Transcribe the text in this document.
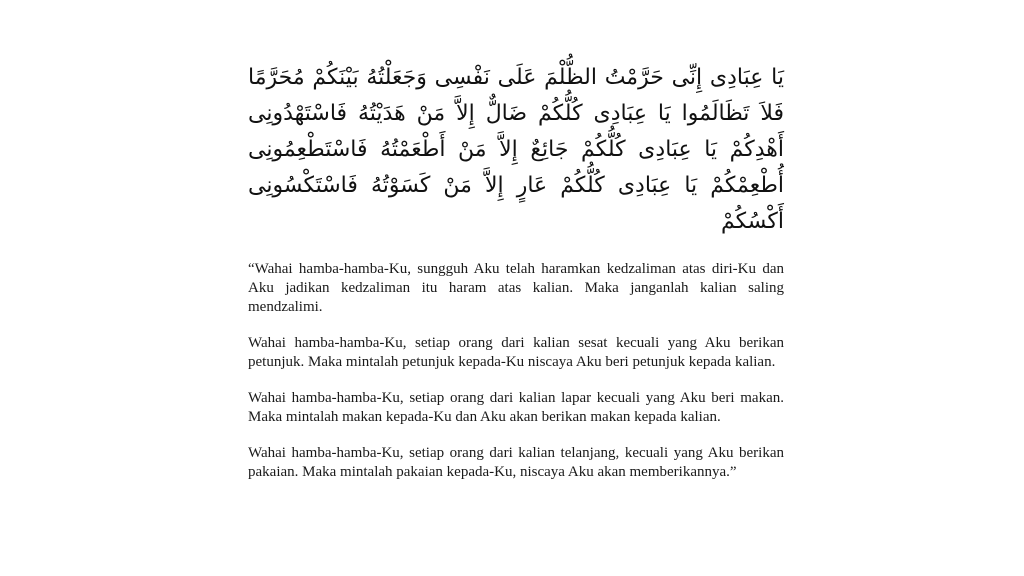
يَا عِبَادِى إِنِّى حَرَّمْتُ الظُّلْمَ عَلَى نَفْسِى وَجَعَلْتُهُ بَيْنَكُمْ مُحَرَّمًا فَلاَ تَظَالَمُوا يَا عِبَادِى كُلُّكُمْ ضَالٌّ إِلاَّ مَنْ هَدَيْتُهُ فَاسْتَهْدُونِى أَهْدِكُمْ يَا عِبَادِى كُلُّكُمْ جَائِعٌ إِلاَّ مَنْ أَطْعَمْتُهُ فَاسْتَطْعِمُونِى أُطْعِمْكُمْ يَا عِبَادِى كُلُّكُمْ عَارٍ إِلاَّ مَنْ كَسَوْتُهُ فَاسْتَكْسُونِى أَكْسُكُمْ

“Wahai hamba-hamba-Ku, sungguh Aku telah haramkan kedzaliman atas diri-Ku dan Aku jadikan kedzaliman itu haram atas kalian. Maka janganlah kalian saling mendzalimi.

Wahai hamba-hamba-Ku, setiap orang dari kalian sesat kecuali yang Aku berikan petunjuk. Maka mintalah petunjuk kepada-Ku niscaya Aku beri petunjuk kepada kalian.

Wahai hamba-hamba-Ku, setiap orang dari kalian lapar kecuali yang Aku beri makan. Maka mintalah makan kepada-Ku dan Aku akan berikan makan kepada kalian.

Wahai hamba-hamba-Ku, setiap orang dari kalian telanjang, kecuali yang Aku berikan pakaian. Maka mintalah pakaian kepada-Ku, niscaya Aku akan memberikannya.”
